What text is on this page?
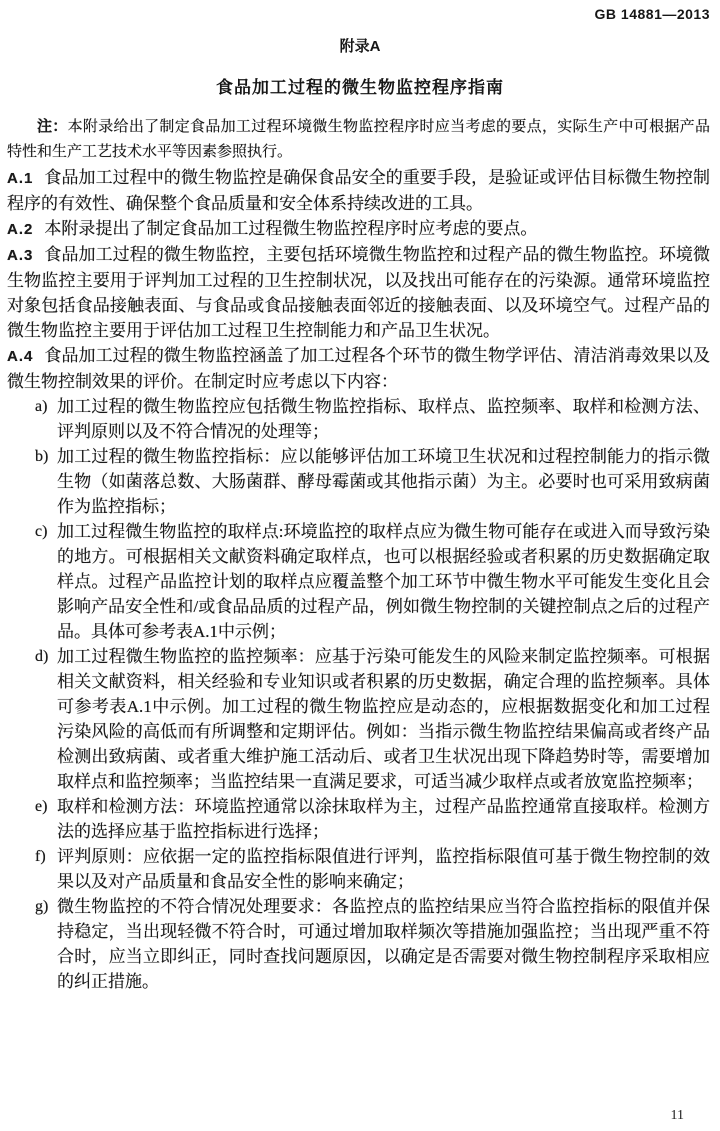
GB 14881—2013
附录A
食品加工过程的微生物监控程序指南

注：本附录给出了制定食品加工过程环境微生物监控程序时应当考虑的要点，实际生产中可根据产品特性和生产工艺技术水平等因素参照执行。

A.1 食品加工过程中的微生物监控是确保食品安全的重要手段，是验证或评估目标微生物控制程序的有效性、确保整个食品质量和安全体系持续改进的工具。

A.2 本附录提出了制定食品加工过程微生物监控程序时应考虑的要点。

A.3 食品加工过程的微生物监控，主要包括环境微生物监控和过程产品的微生物监控。环境微生物监控主要用于评判加工过程的卫生控制状况，以及找出可能存在的污染源。通常环境监控对象包括食品接触表面、与食品或食品接触表面邻近的接触表面、以及环境空气。过程产品的微生物监控主要用于评估加工过程卫生控制能力和产品卫生状况。

A.4 食品加工过程的微生物监控涵盖了加工过程各个环节的微生物学评估、清洁消毒效果以及微生物控制效果的评价。在制定时应考虑以下内容：

a) 加工过程的微生物监控应包括微生物监控指标、取样点、监控频率、取样和检测方法、评判原则以及不符合情况的处理等；
b) 加工过程的微生物监控指标：应以能够评估加工环境卫生状况和过程控制能力的指示微生物（如菌落总数、大肠菌群、酵母霉菌或其他指示菌）为主。必要时也可采用致病菌作为监控指标；
c) 加工过程微生物监控的取样点:环境监控的取样点应为微生物可能存在或进入而导致污染的地方。可根据相关文献资料确定取样点，也可以根据经验或者积累的历史数据确定取样点。过程产品监控计划的取样点应覆盖整个加工环节中微生物水平可能发生变化且会影响产品安全性和/或食品品质的过程产品，例如微生物控制的关键控制点之后的过程产品。具体可参考表A.1中示例；
d) 加工过程微生物监控的监控频率：应基于污染可能发生的风险来制定监控频率。可根据相关文献资料，相关经验和专业知识或者积累的历史数据，确定合理的监控频率。具体可参考表A.1中示例。加工过程的微生物监控应是动态的，应根据数据变化和加工过程污染风险的高低而有所调整和定期评估。例如：当指示微生物监控结果偏高或者终产品检测出致病菌、或者重大维护施工活动后、或者卫生状况出现下降趋势时等，需要增加取样点和监控频率；当监控结果一直满足要求，可适当减少取样点或者放宽监控频率；
e) 取样和检测方法：环境监控通常以涂抹取样为主，过程产品监控通常直接取样。检测方法的选择应基于监控指标进行选择；
f) 评判原则：应依据一定的监控指标限值进行评判，监控指标限值可基于微生物控制的效果以及对产品质量和食品安全性的影响来确定；
g) 微生物监控的不符合情况处理要求：各监控点的监控结果应当符合监控指标的限值并保持稳定，当出现轻微不符合时，可通过增加取样频次等措施加强监控；当出现严重不符合时，应当立即纠正，同时查找问题原因，以确定是否需要对微生物控制程序采取相应的纠正措施。
11
